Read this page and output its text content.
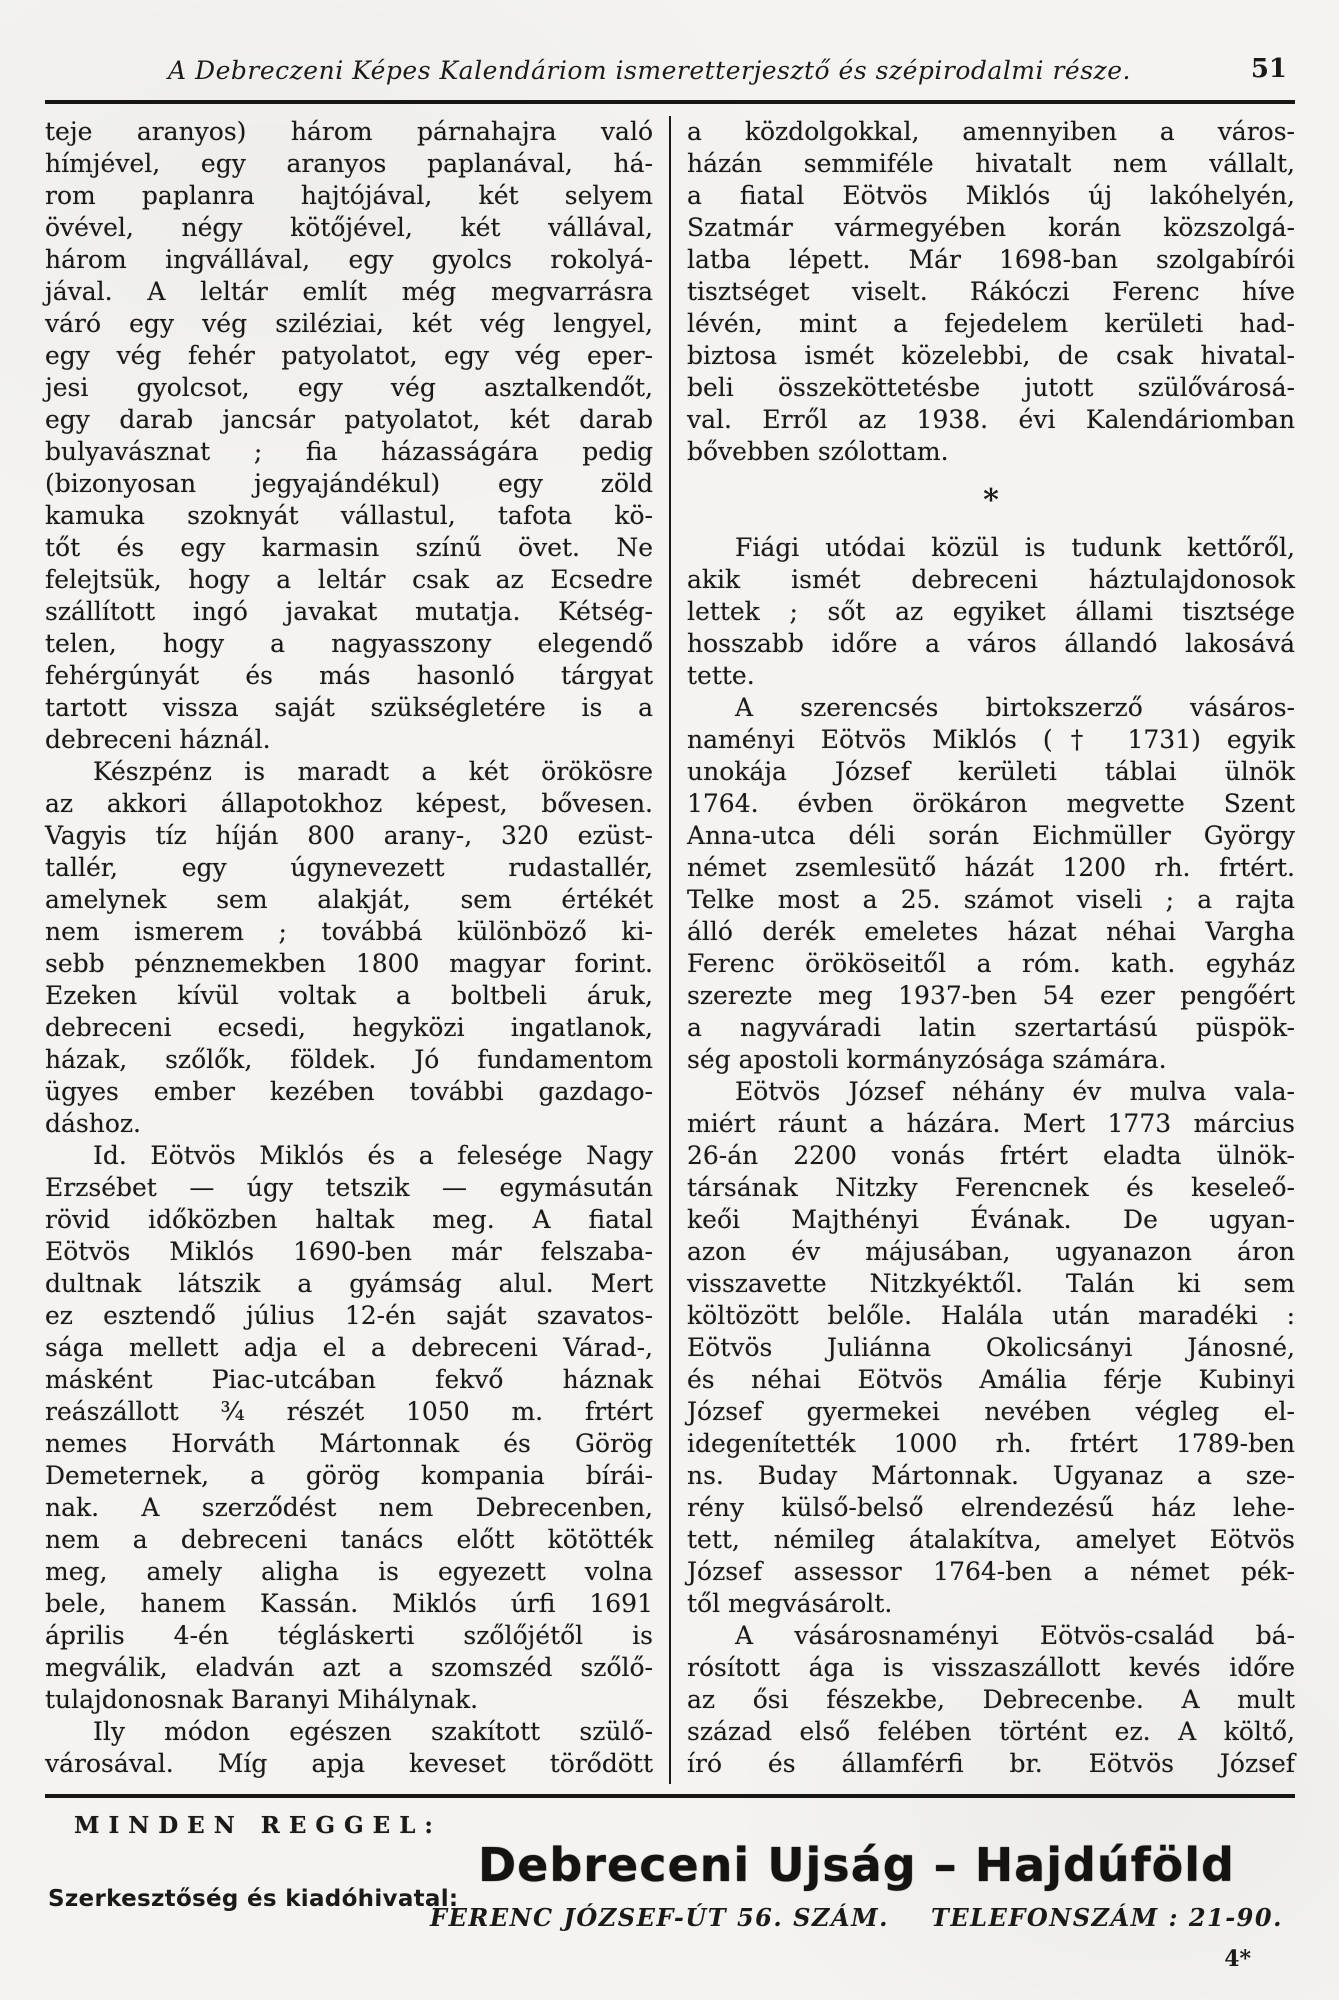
A Debreczeni Képes Kalendáriom ismeretterjesztő és szépirodalmi része.	51
teje aranyos) három párnahajra való
hímjével, egy aranyos paplanával, há-
rom paplanra hajtójával, két selyem
övével, négy kötőjével, két vállával,
három ingvállával, egy gyolcs rokolyá-
jával. A leltár említ még megvarrásra
váró egy vég sziléziai, két vég lengyel,
egy vég fehér patyolatot, egy vég eper-
jesi gyolcsot, egy vég asztalkendőt,
egy darab jancsár patyolatot, két darab
bulyavásznat ; fia házasságára pedig
(bizonyosan jegyajándékul) egy zöld
kamuka szoknyát vállastul, tafota kö-
tőt és egy karmasin színű övet. Ne
felejtsük, hogy a leltár csak az Ecsedre
szállított ingó javakat mutatja. Kétség-
telen, hogy a nagyasszony elegendő
fehérgúnyát és más hasonló tárgyat
tartott vissza saját szükségletére is a
debreceni háznál.
Készpénz is maradt a két örökösre
az akkori állapotokhoz képest, bővesen.
Vagyis tíz híján 800 arany-, 320 ezüst-
tallér, egy úgynevezett rudastallér,
amelynek sem alakját, sem értékét
nem ismerem ; továbbá különböző ki-
sebb pénznemekben 1800 magyar forint.
Ezeken kívül voltak a boltbeli áruk,
debreceni ecsedi, hegyközi ingatlanok,
házak, szőlők, földek. Jó fundamentom
ügyes ember kezében további gazdago-
dáshoz.
Id. Eötvös Miklós és a felesége Nagy
Erzsébet — úgy tetszik — egymásután
rövid időközben haltak meg. A fiatal
Eötvös Miklós 1690-ben már felszaba-
dultnak látszik a gyámság alul. Mert
ez esztendő július 12-én saját szavatos-
sága mellett adja el a debreceni Várad-,
másként Piac-utcában fekvő háznak
reászállott ¾ részét 1050 m. frtért
nemes Horváth Mártonnak és Görög
Demeternek, a görög kompania bírái-
nak. A szerződést nem Debrecenben,
nem a debreceni tanács előtt kötötték
meg, amely aligha is egyezett volna
bele, hanem Kassán. Miklós úrfi 1691
április 4-én tégláskerti szőlőjétől is
megválik, eladván azt a szomszéd szőlő-
tulajdonosnak Baranyi Mihálynak.
Ily módon egészen szakított szülő-
városával. Míg apja keveset törődött
a közdolgokkal, amennyiben a város-
házán semmiféle hivatalt nem vállalt,
a fiatal Eötvös Miklós új lakóhelyén,
Szatmár vármegyében korán közszolgá-
latba lépett. Már 1698-ban szolgabírói
tisztséget viselt. Rákóczi Ferenc híve
lévén, mint a fejedelem kerületi had-
biztosa ismét közelebbi, de csak hivatal-
beli összeköttetésbe jutott szülővárosá-
val. Erről az 1938. évi Kalendáriomban
bővebben szólottam.
*
Fiági utódai közül is tudunk kettőről,
akik ismét debreceni háztulajdonosok
lettek ; sőt az egyiket állami tisztsége
hosszabb időre a város állandó lakosává
tette.
A szerencsés birtokszerző vásáros-
naményi Eötvös Miklós († 1731) egyik
unokája József kerületi táblai ülnök
1764. évben örökáron megvette Szent
Anna-utca déli során Eichmüller György
német zsemlesütő házát 1200 rh. frtért.
Telke most a 25. számot viseli ; a rajta
álló derék emeletes házat néhai Vargha
Ferenc örököseitől a róm. kath. egyház
szerezte meg 1937-ben 54 ezer pengőért
a nagyváradi latin szertartású püspök-
ség apostoli kormányzósága számára.
Eötvös József néhány év mulva vala-
miért ráunt a házára. Mert 1773 március
26-án 2200 vonás frtért eladta ülnök-
társának Nitzky Ferencnek és keseleő-
keői Majthényi Évának. De ugyan-
azon év májusában, ugyanazon áron
visszavette Nitzkyéktől. Talán ki sem
költözött belőle. Halála után maradéki :
Eötvös Juliánna Okolicsányi Jánosné,
és néhai Eötvös Amália férje Kubinyi
József gyermekei nevében végleg el-
idegenítették 1000 rh. frtért 1789-ben
ns. Buday Mártonnak. Ugyanaz a sze-
rény külső-belső elrendezésű ház lehe-
tett, némileg átalakítva, amelyet Eötvös
József assessor 1764-ben a német pék-
től megvásárolt.
A vásárosnaményi Eötvös-család bá-
rósított ága is visszaszállott kevés időre
az ősi fészekbe, Debrecenbe. A mult
század első felében történt ez. A költő,
író és államférfi br. Eötvös József
MINDEN REGGEL:
Debreceni Ujság – Hajdúföld
Szerkesztőség és kiadóhivatal:
FERENC JÓZSEF-ÚT 56. SZÁM. TELEFONSZÁM : 21-90.
4*
